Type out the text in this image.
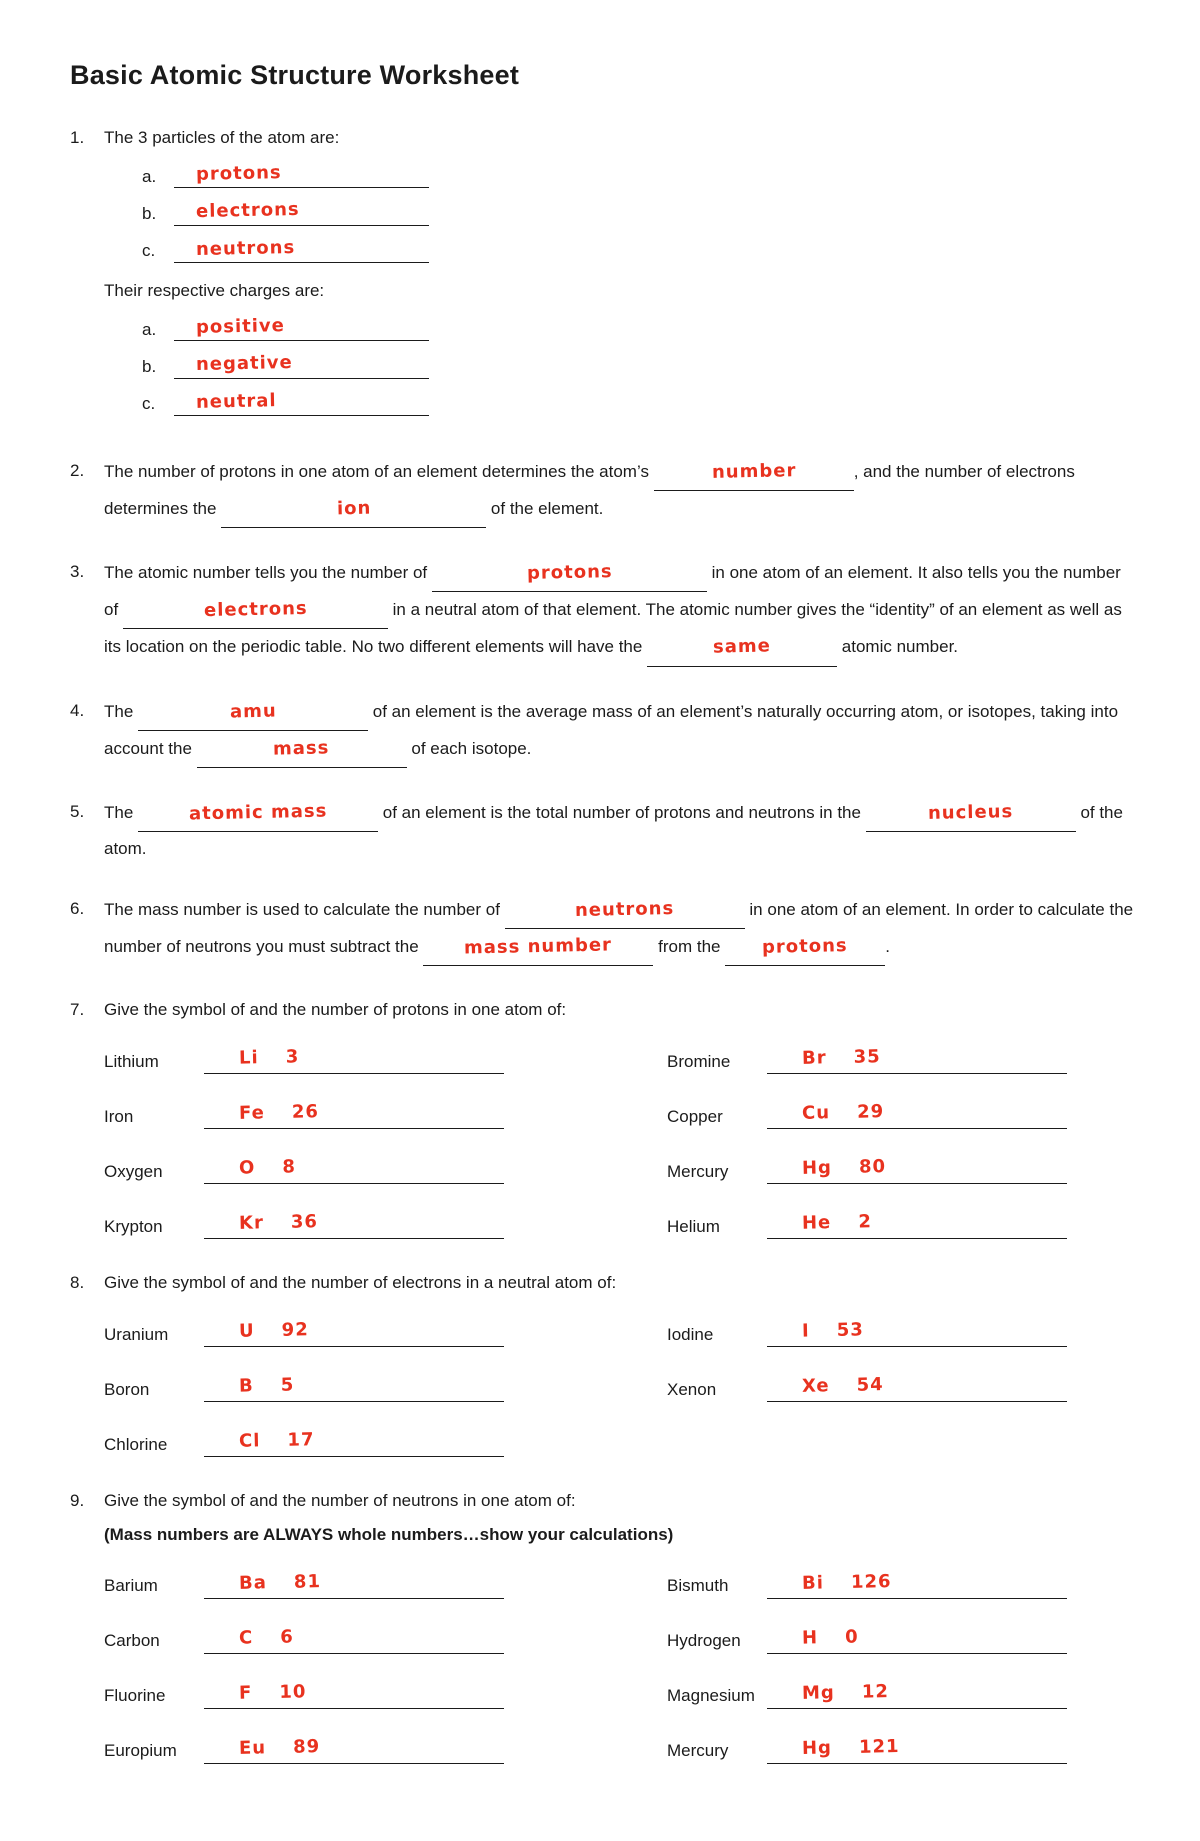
Basic Atomic Structure Worksheet
1.	The 3 particles of the atom are:
a.	protons
b.	electrons
c.	neutrons
Their respective charges are:
a.	positive
b.	negative
c.	neutral
2.	The number of protons in one atom of an element determines the atom’s	number	, and the number of electrons determines the	ion	of the element.
3.	The atomic number tells you the number of	protons	in one atom of an element. It also tells you the number of	electrons	in a neutral atom of that element. The atomic number gives the “identity” of an element as well as its location on the periodic table. No two different elements will have the	same	atomic number.
4.	The	amu	of an element is the average mass of an element’s naturally occurring atom, or isotopes, taking into account the	mass	of each isotope.
5.	The	atomic mass	of an element is the total number of protons and neutrons in the	nucleus	of the atom.
6.	The mass number is used to calculate the number of	neutrons	in one atom of an element. In order to calculate the number of neutrons you must subtract the	mass number	from the protons .
7.	Give the symbol of and the number of protons in one atom of:
Lithium	Li 3	Bromine	Br 35
Iron	Fe 26	Copper	Cu 29
Oxygen	O 8	Mercury	Hg 80
Krypton	Kr 36	Helium	He 2
8.	Give the symbol of and the number of electrons in a neutral atom of:
Uranium	U 92	Iodine	I 53
Boron	B 5	Xenon	Xe 54
Chlorine	Cl 17
9.	Give the symbol of and the number of neutrons in one atom of:
(Mass numbers are ALWAYS whole numbers…show your calculations)
Barium	Ba 81	Bismuth	Bi 126
Carbon	C 6	Hydrogen	H 0
Fluorine	F 10	Magnesium	Mg 12
Europium	Eu 89	Mercury	Hg 121
